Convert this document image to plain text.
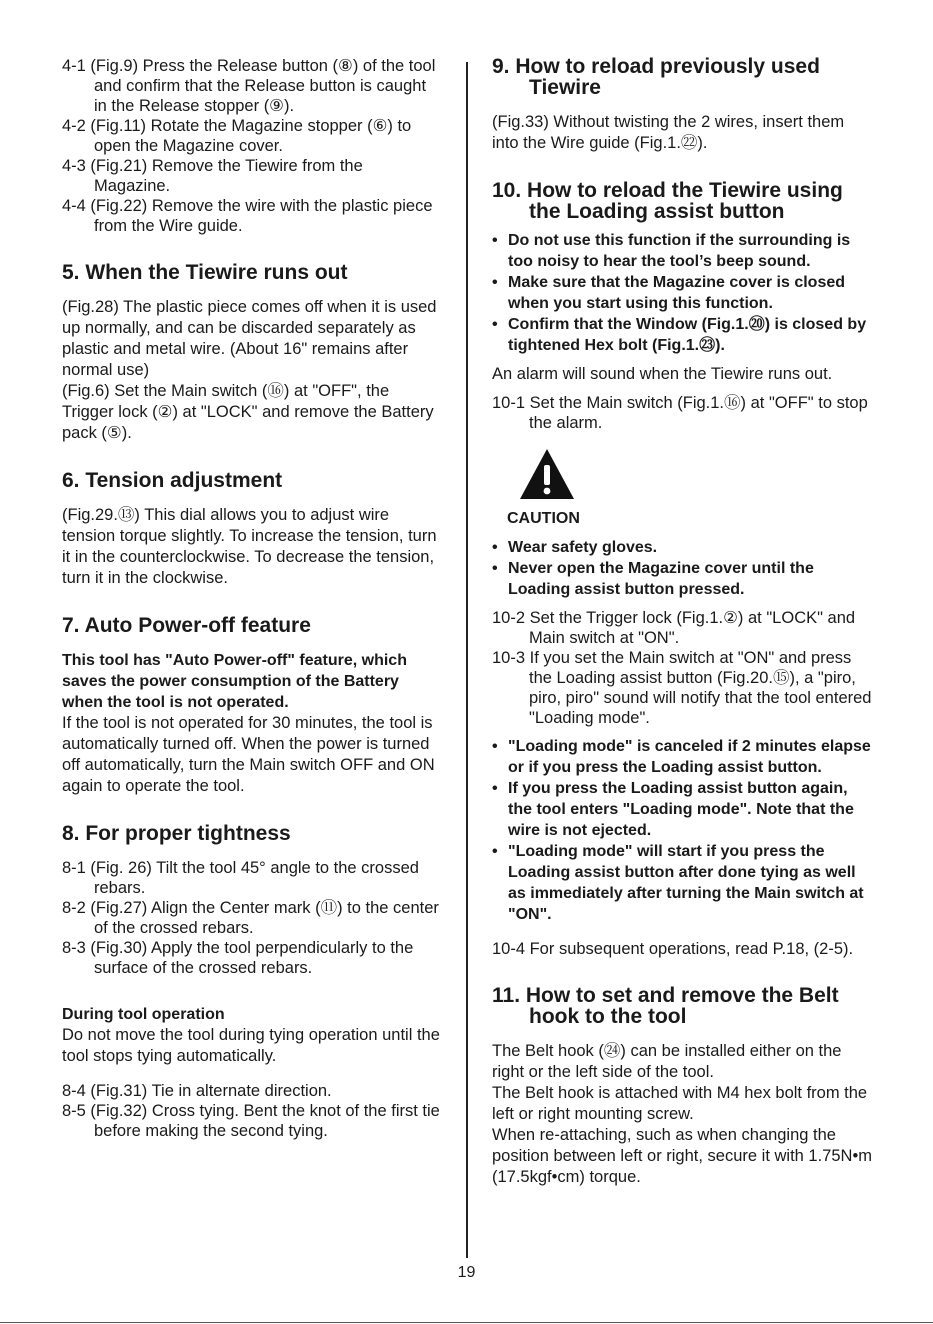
4-1 (Fig.9) Press the Release button (⑧) of the tool and confirm that the Release button is caught in the Release stopper (⑨).

4-2 (Fig.11) Rotate the Magazine stopper (⑥) to open the Magazine cover.

4-3 (Fig.21) Remove the Tiewire from the Magazine.

4-4 (Fig.22) Remove the wire with the plastic piece from the Wire guide.

5. When the Tiewire runs out

(Fig.28) The plastic piece comes off when it is used up normally, and can be discarded separately as plastic and metal wire. (About 16" remains after normal use)

(Fig.6) Set the Main switch (⑯) at "OFF", the Trigger lock (②) at "LOCK" and remove the Battery pack (⑤).

6. Tension adjustment

(Fig.29.⑬) This dial allows you to adjust wire tension torque slightly. To increase the tension, turn it in the counterclockwise. To decrease the tension, turn it in the clockwise.

7. Auto Power-off feature

This tool has "Auto Power-off" feature, which saves the power consumption of the Battery when the tool is not operated.

If the tool is not operated for 30 minutes, the tool is automatically turned off. When the power is turned off automatically, turn the Main switch OFF and ON again to operate the tool.

8. For proper tightness

8-1 (Fig. 26) Tilt the tool 45° angle to the crossed rebars.

8-2 (Fig.27) Align the Center mark (⑪) to the center of the crossed rebars.

8-3 (Fig.30) Apply the tool perpendicularly to the surface of the crossed rebars.

During tool operation

Do not move the tool during tying operation until the tool stops tying automatically.

8-4 (Fig.31) Tie in alternate direction.

8-5 (Fig.32) Cross tying. Bent the knot of the first tie before making the second tying.

9. How to reload previously used Tiewire

(Fig.33) Without twisting the 2 wires, insert them into the Wire guide (Fig.1.㉒).

10. How to reload the Tiewire using the Loading assist button

• Do not use this function if the surrounding is too noisy to hear the tool’s beep sound.

• Make sure that the Magazine cover is closed when you start using this function.

• Confirm that the Window (Fig.1.⑳) is closed by tightened Hex bolt (Fig.1.㉓).

An alarm will sound when the Tiewire runs out.

10-1 Set the Main switch (Fig.1.⑯) at "OFF" to stop the alarm.

CAUTION

• Wear safety gloves.

• Never open the Magazine cover until the Loading assist button pressed.

10-2 Set the Trigger lock (Fig.1.②) at "LOCK" and Main switch at "ON".

10-3 If you set the Main switch at "ON" and press the Loading assist button (Fig.20.⑮), a "piro, piro, piro" sound will notify that the tool entered "Loading mode".

• "Loading mode" is canceled if 2 minutes elapse or if you press the Loading assist button.

• If you press the Loading assist button again, the tool enters "Loading mode". Note that the wire is not ejected.

• "Loading mode" will start if you press the Loading assist button after done tying as well as immediately after turning the Main switch at "ON".

10-4 For subsequent operations, read P.18, (2-5).

11. How to set and remove the Belt hook to the tool

The Belt hook (㉔) can be installed either on the right or the left side of the tool.

The Belt hook is attached with M4 hex bolt from the left or right mounting screw.

When re-attaching, such as when changing the position between left or right, secure it with 1.75N•m (17.5kgf•cm) torque.

19
